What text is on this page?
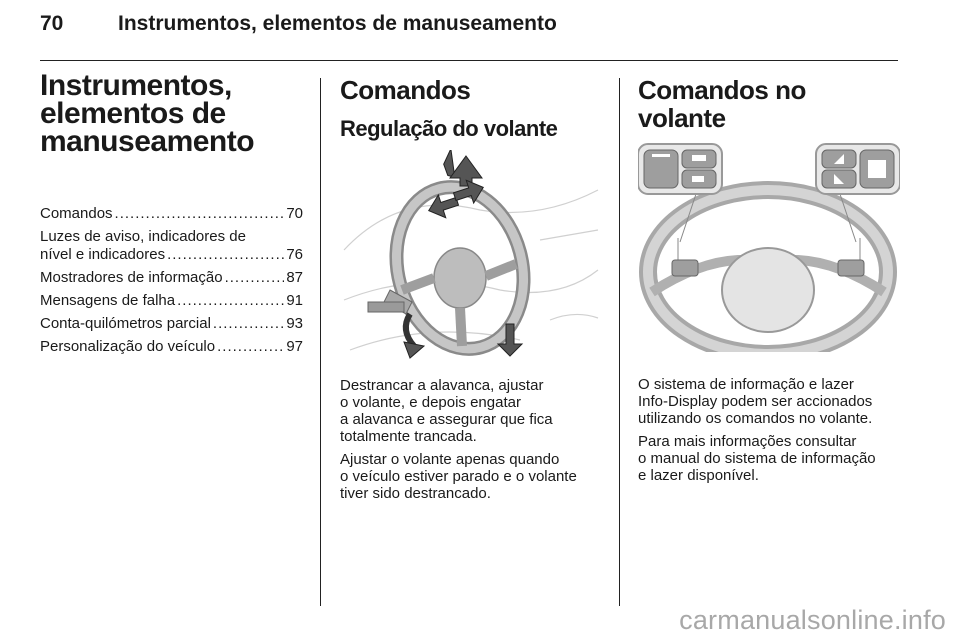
70	Instrumentos, elementos de manuseamento
Instrumentos, elementos de manuseamento
Comandos .....	70
Luzes de aviso, indicadores de
nível e indicadores .....	76
Mostradores de informação .....	87
Mensagens de falha .....	91
Conta-quilómetros parcial .....	93
Personalização do veículo .....	97
Comandos
Regulação do volante

Destrancar a alavanca, ajustar
o volante, e depois engatar
a alavanca e assegurar que fica
totalmente trancada.

Ajustar o volante apenas quando
o veículo estiver parado e o volante
tiver sido destrancado.

Comandos no volante

O sistema de informação e lazer
Info-Display podem ser accionados
utilizando os comandos no volante.

Para mais informações consultar
o manual do sistema de informação
e lazer disponível.

carmanualsonline.info
